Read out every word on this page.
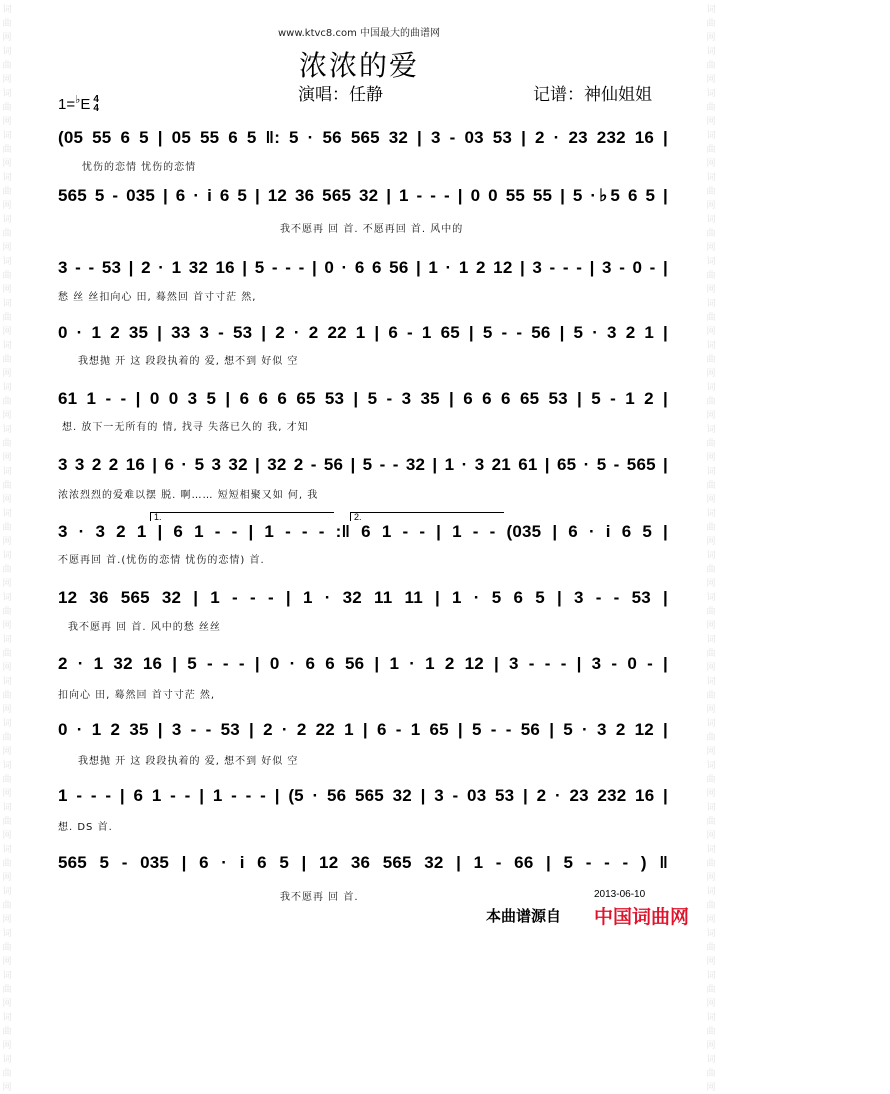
词
曲
网
词
曲
网
词
曲
网
词
曲
网
词
曲
网
词
曲
网
词
曲
网
词
曲
网
词
曲
网
词
曲
网
词
曲
网
词
曲
网
词
曲
网
词
曲
网
词
曲
网
词
曲
网
词
曲
网
词
曲
网
词
曲
网
词
曲
网
词
曲
网
词
曲
网
词
曲
网
词
曲
网
词
曲
网
词
曲
网
词
曲
网
词
曲
网
词
曲
网
词
曲
网
词
曲
网
词
曲
网
词
曲
网
词
曲
网
词
曲
网
词
曲
网
词
曲
网
词
曲
网
词
曲
网
词
曲
网
词
曲
网
词
曲
网
词
曲
网
词
曲
网
词
曲
网
词
曲
网
词
曲
网
词
曲
网
词
曲
网
词
曲
网
词
曲
网
词
曲
网
www.ktvc8.com 中国最大的曲谱网
浓浓的爱
1= ♭ E 4
4
演唱：任静	记谱：神仙姐姐
(05 55 6 5 | 05 55 6 5 ‖: 5 · 56 565 32 | 3 - 03 53 | 2 · 23 232 16 |
忧伤的恋情 忧伤的恋情
565 5 - 035 | 6 · i 6 5 | 12 36 565 32 | 1 - - - | 0 0 55 55 | 5 ·♭5 6 5 |
我不愿再 回 首. 不愿再回 首. 风中的
3 - - 53 | 2 · 1 32 16 | 5 - - - | 0 · 6 6 56 | 1 · 1 2 12 | 3 - - - | 3 - 0 - |
愁 丝 丝扣向心 田, 蓦然回 首寸寸茫 然,
0 · 1 2 35 | 33 3 - 53 | 2 · 2 22 1 | 6 - 1 65 | 5 - - 56 | 5 · 3 2 1 |
我想抛 开 这 段段执着的 爱, 想不到 好似 空
61 1 - - | 0 0 3 5 | 6 6 6 65 53 | 5 - 3 35 | 6 6 6 65 53 | 5 - 1 2 |
想. 放下一无所有的 情, 找寻 失落已久的 我, 才知
3 3 2 2 16 | 6 · 5 3 32 | 32 2 - 56 | 5 - - 32 | 1 · 3 21 61 | 65 · 5 - 565 |
浓浓烈烈的爱难以摆 脱. 啊…… 短短相聚又如 何, 我
1.	2.
3 · 3 2 1 | 6 1 - - | 1 - - - :‖ 6 1 - - | 1 - - (035 | 6 · i 6 5 |
不愿再回 首.(忧伤的恋情 忧伤的恋情) 首.
12 36 565 32 | 1 - - - | 1 · 32 11 11 | 1 · 5 6 5 | 3 - - 53 |
我不愿再 回 首. 风中的愁 丝丝
2 · 1 32 16 | 5 - - - | 0 · 6 6 56 | 1 · 1 2 12 | 3 - - - | 3 - 0 - |
扣向心 田, 蓦然回 首寸寸茫 然,
0 · 1 2 35 | 3 - - 53 | 2 · 2 22 1 | 6 - 1 65 | 5 - - 56 | 5 · 3 2 12 |
我想抛 开 这 段段执着的 爱, 想不到 好似 空
1 - - - | 6 1 - - | 1 - - - | (5 · 56 565 32 | 3 - 03 53 | 2 · 23 232 16 |
想. DS 首.
565 5 - 035 | 6 · i 6 5 | 12 36 565 32 | 1 - 66 | 5 - - - ) ‖
我不愿再 回 首.	2013-06-10
本曲谱源自 中国词曲网
